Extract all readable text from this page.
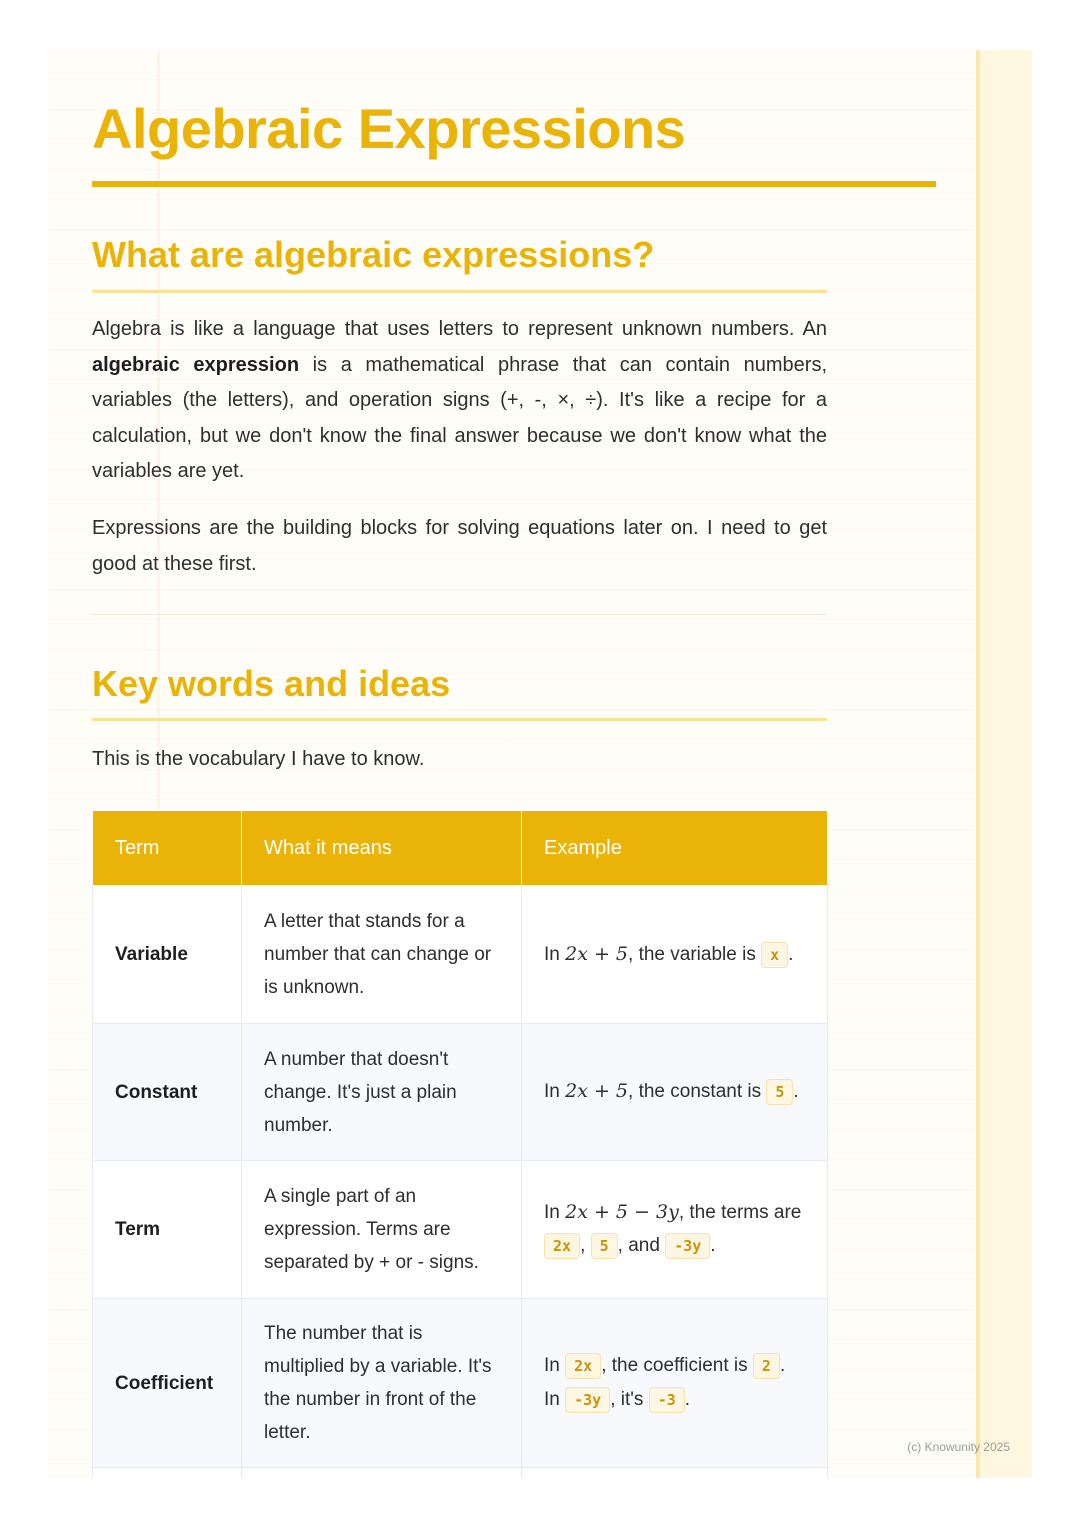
Algebraic Expressions
What are algebraic expressions?

Algebra is like a language that uses letters to represent unknown numbers. An algebraic expression is a mathematical phrase that can contain numbers, variables (the letters), and operation signs (+, -, ×, ÷). It's like a recipe for a calculation, but we don't know the final answer because we don't know what the variables are yet.

Expressions are the building blocks for solving equations later on. I need to get good at these first.

Key words and ideas

This is the vocabulary I have to know.

Term	What it means	Example
Variable	A letter that stands for a number that can change or is unknown.	In 2x + 5, the variable is x .
Constant	A number that doesn't change. It's just a plain number.	In 2x + 5, the constant is 5 .
Term	A single part of an expression. Terms are separated by + or - signs.	In 2x + 5 − 3y, the terms are 2x , 5 , and -3y .
Coefficient	The number that is multiplied by a variable. It's the number in front of the letter.	In 2x , the coefficient is 2 . In -3y , it's -3 .

(c) Knowunity 2025
